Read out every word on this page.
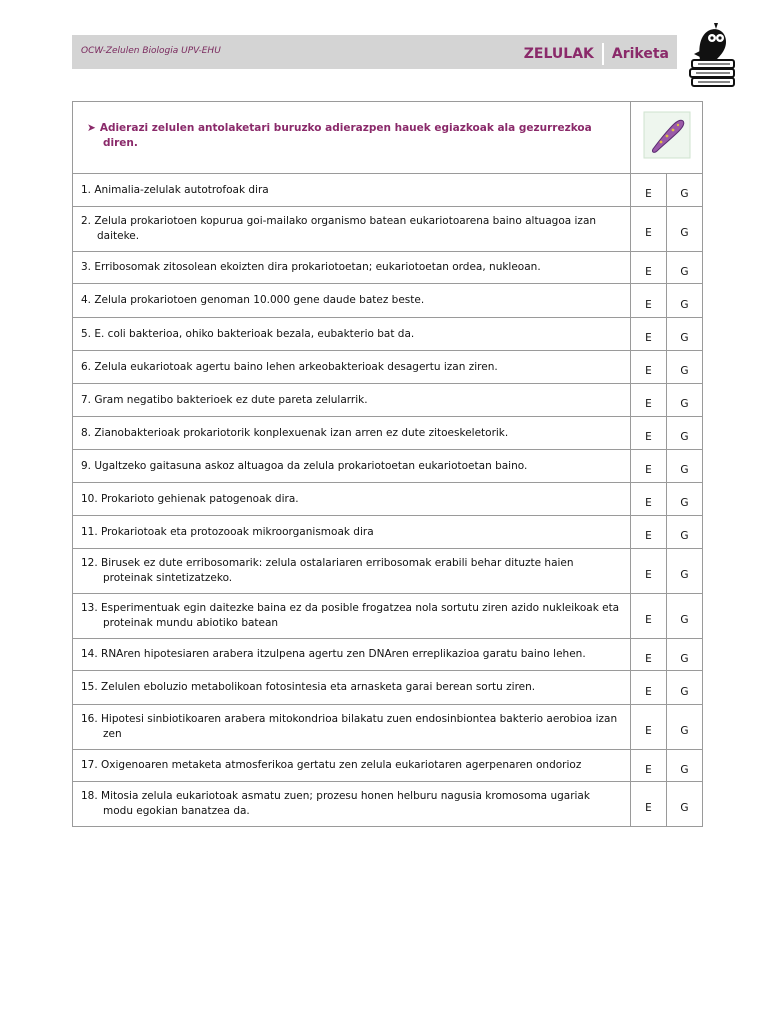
OCW-Zelulen Biologia UPV-EHU	ZELULAK Ariketa
➤ Adierazi zelulen antolaketari buruzko adierazpen hauek egiazkoak ala gezurrezkoa diren.

1. Animalia-zelulak autotrofoak dira	E	G

2. Zelula prokariotoen kopurua goi-mailako organismo batean eukariotoarena baino altuagoa izan daiteke.	E	G

3. Erribosomak zitosolean ekoizten dira prokariotoetan; eukariotoetan ordea, nukleoan.	E	G

4. Zelula prokariotoen genoman 10.000 gene daude batez beste.	E	G

5. E. coli bakterioa, ohiko bakterioak bezala, eubakterio bat da.	E	G

6. Zelula eukariotoak agertu baino lehen arkeobakterioak desagertu izan ziren.	E	G

7. Gram negatibo bakterioek ez dute pareta zelularrik.	E	G

8. Zianobakterioak prokariotorik konplexuenak izan arren ez dute zitoeskeletorik.	E	G

9. Ugaltzeko gaitasuna askoz altuagoa da zelula prokariotoetan eukariotoetan baino.	E	G

10. Prokarioto gehienak patogenoak dira.	E	G

11. Prokariotoak eta protozooak mikroorganismoak dira	E	G

12. Birusek ez dute erribosomarik: zelula ostalariaren erribosomak erabili behar dituzte haien proteinak sintetizatzeko.	E	G

13. Esperimentuak egin daitezke baina ez da posible frogatzea nola sortutu ziren azido nukleikoak eta proteinak mundu abiotiko batean	E	G

14. RNAren hipotesiaren arabera itzulpena agertu zen DNAren erreplikazioa garatu baino lehen.	E	G

15. Zelulen eboluzio metabolikoan fotosintesia eta arnasketa garai berean sortu ziren.	E	G

16. Hipotesi sinbiotikoaren arabera mitokondrioa bilakatu zuen endosinbiontea bakterio aerobioa izan zen	E	G

17. Oxigenoaren metaketa atmosferikoa gertatu zen zelula eukariotaren agerpenaren ondorioz	E	G

18. Mitosia zelula eukariotoak asmatu zuen; prozesu honen helburu nagusia kromosoma ugariak modu egokian banatzea da.	E	G
